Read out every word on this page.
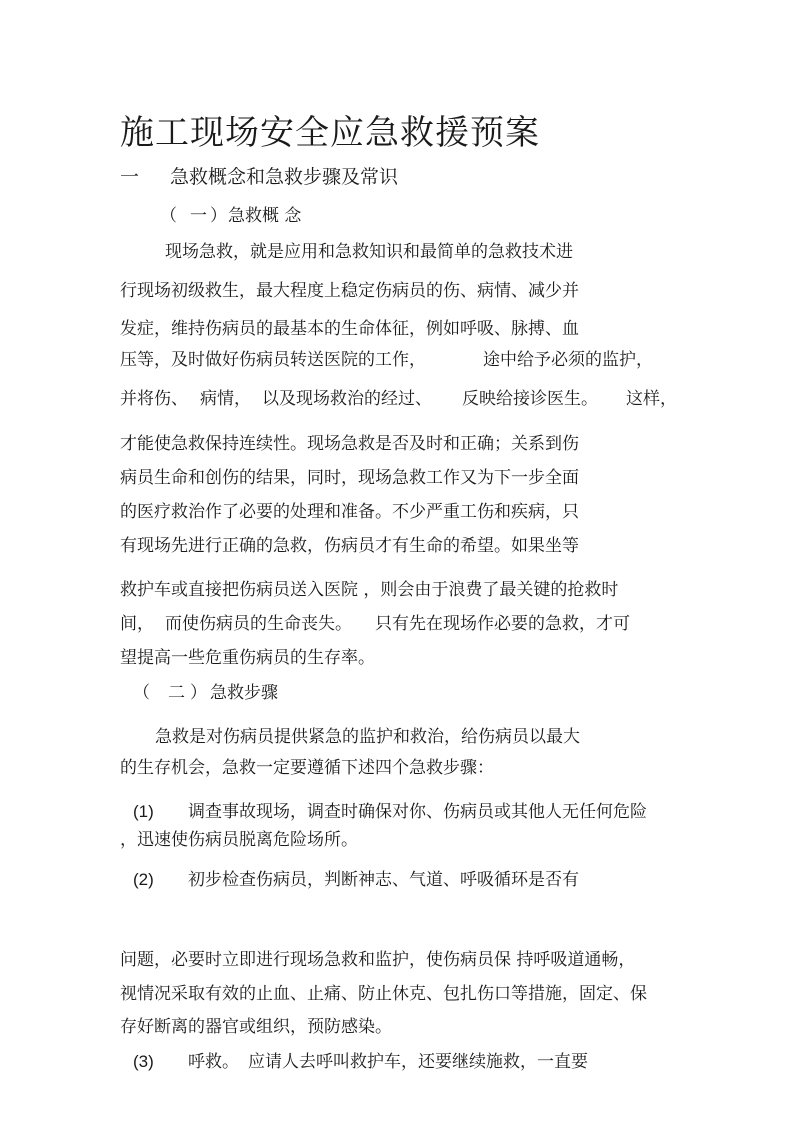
施工现场安全应急救援预案
一 急救概念和急救步骤及常识
（ 一 ） 急救概 念
现场急救，就是应用和急救知识和最简单的急救技术进
行现场初级救生，最大程度上稳定伤病员的伤、病情、减少并
发症，维持伤病员的最基本的生命体征，例如呼吸、脉搏、血
压等，及时做好伤病员转送医院的工作，	途中给予必须的监护，
并将伤、 病情， 以及现场救治的经过、 反映给接诊医生。 这样，
才能使急救保持连续性。现场急救是否及时和正确；关系到伤
病员生命和创伤的结果，同时，现场急救工作又为下一步全面
的医疗救治作了必要的处理和准备。不少严重工伤和疾病，只
有现场先进行正确的急救，伤病员才有生命的希望。如果坐等
救护车或直接把伤病员送入医院 ，则会由于浪费了最关键的抢救时
间， 而使伤病员的生命丧失。 只有先在现场作必要的急救，才可
望提高一些危重伤病员的生存率。
（ 二 ） 急救步骤
急救是对伤病员提供紧急的监护和救治，给伤病员以最大
的生存机会，急救一定要遵循下述四个急救步骤：
(1) 调查事故现场，调查时确保对你、伤病员或其他人无任何危险
，迅速使伤病员脱离危险场所。
(2) 初步检查伤病员，判断神志、气道、呼吸循环是否有
问题，必要时立即进行现场急救和监护，使伤病员保 持呼吸道通畅，
视情况采取有效的止血、止痛、防止休克、包扎伤口等措施，固定、保
存好断离的器官或组织，预防感染。
(3) 呼救。 应请人去呼叫救护车，还要继续施救，一直要
